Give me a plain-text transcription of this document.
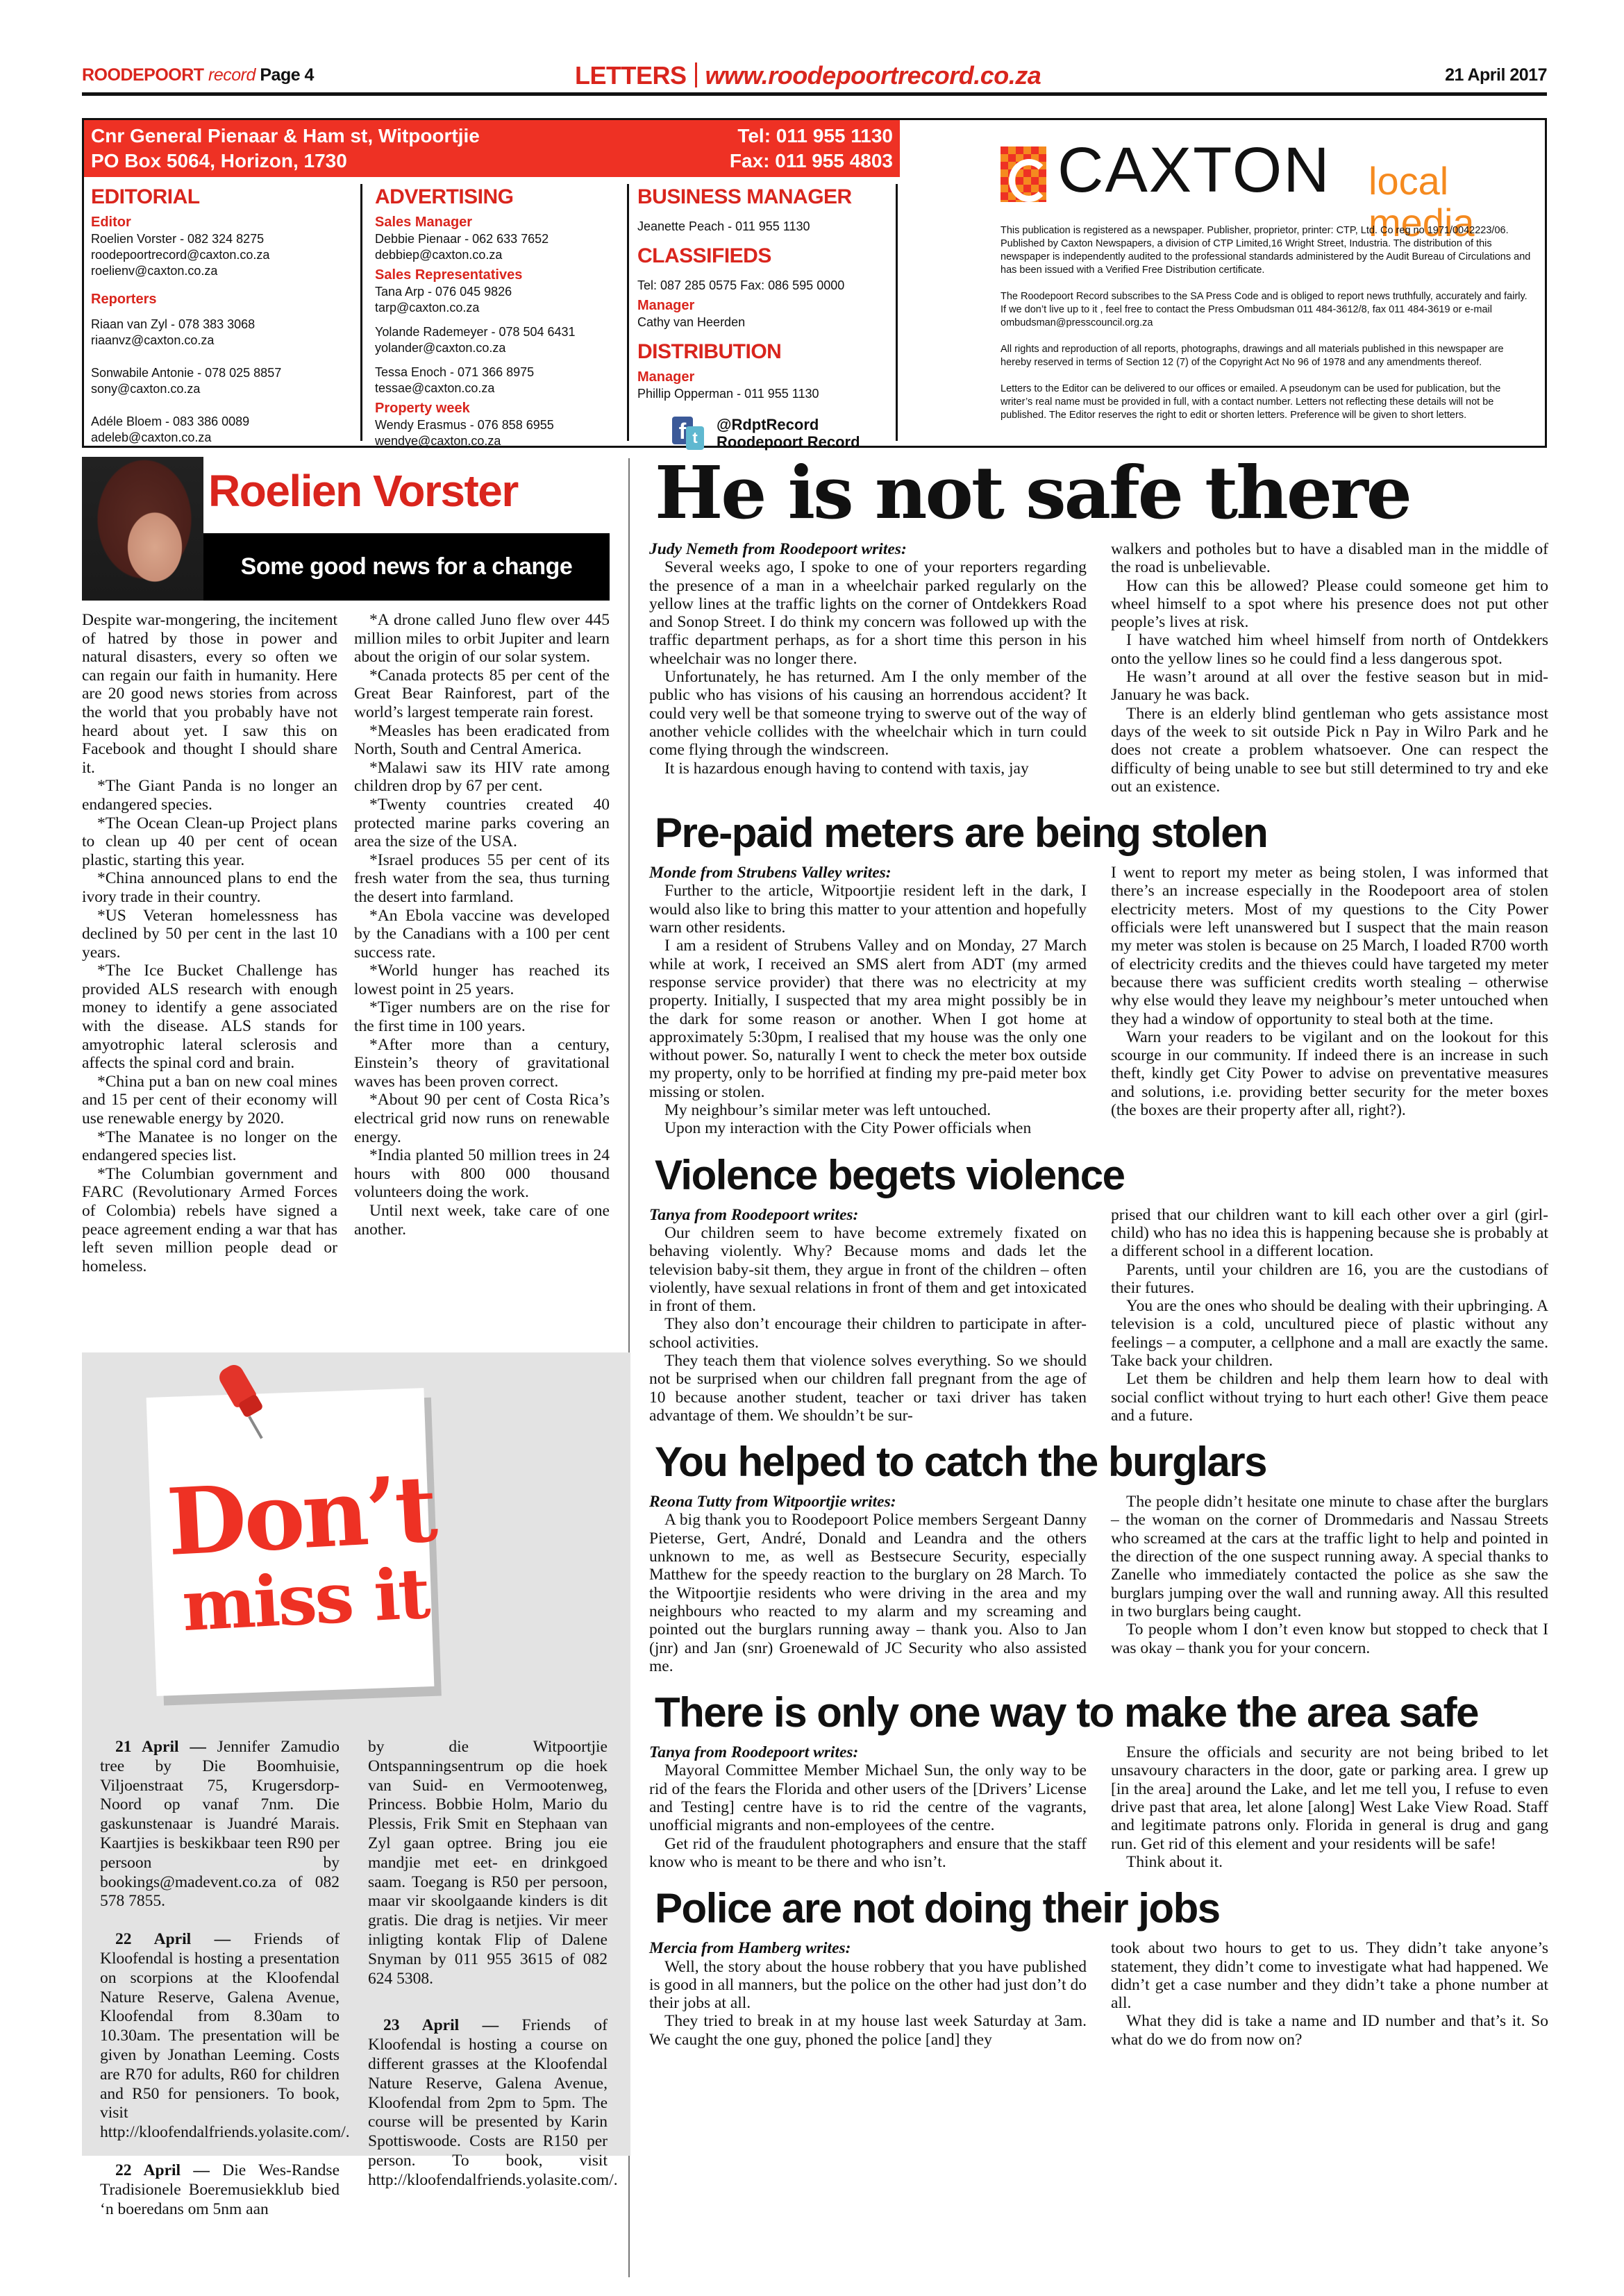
ROODEPOORT record Page 4	LETTERS www.roodepoortrecord.co.za	21 April 2017
Cnr General Pienaar & Ham st, Witpoortjie
PO Box 5064, Horizon, 1730
Tel: 011 955 1130
Fax: 011 955 4803
EDITORIAL
Editor
Roelien Vorster - 082 324 8275
roodepoortrecord@caxton.co.za
roelienv@caxton.co.za
Reporters
Riaan van Zyl - 078 383 3068
riaanvz@caxton.co.za
Sonwabile Antonie - 078 025 8857
sony@caxton.co.za
Adéle Bloem - 083 386 0089
adeleb@caxton.co.za
ADVERTISING
Sales Manager
Debbie Pienaar - 062 633 7652
debbiep@caxton.co.za
Sales Representatives
Tana Arp - 076 045 9826
tarp@caxton.co.za
Yolande Rademeyer - 078 504 6431
yolander@caxton.co.za
Tessa Enoch - 071 366 8975
tessae@caxton.co.za
Property week
Wendy Erasmus - 076 858 6955
wendye@caxton.co.za
BUSINESS MANAGER
Jeanette Peach - 011 955 1130
CLASSIFIEDS
Tel: 087 285 0575 Fax: 086 595 0000
Manager
Cathy van Heerden
DISTRIBUTION
Manager
Phillip Opperman - 011 955 1130
f t
@RdptRecord
Roodepoort Record
CAXTON local media

This publication is registered as a newspaper. Publisher, proprietor, printer: CTP, Ltd. Co reg no 1971/0042223/06. Published by Caxton Newspapers, a division of CTP Limited,16 Wright Street, Industria. The distribution of this newspaper is independently audited to the professional standards administered by the Audit Bureau of Circulations and has been issued with a Verified Free Distribution certificate.

The Roodepoort Record subscribes to the SA Press Code and is obliged to report news truthfully, accurately and fairly. If we don’t live up to it , feel free to contact the Press Ombudsman 011 484-3612/8, fax 011 484-3619 or e-mail ombudsman@presscouncil.org.za

All rights and reproduction of all reports, photographs, drawings and all materials published in this newspaper are hereby reserved in terms of Section 12 (7) of the Copyright Act No 96 of 1978 and any amendments thereof.

Letters to the Editor can be delivered to our offices or emailed. A pseudonym can be used for publication, but the writer’s real name must be provided in full, with a contact number. Letters not reflecting these details will not be published. The Editor reserves the right to edit or shorten letters. Preference will be given to short letters.

Roelien Vorster
Some good news for a change

Despite war-mongering, the incitement of hatred by those in power and natural disasters, every so often we can regain our faith in humanity. Here are 20 good news stories from across the world that you probably have not heard about yet. I saw this on Facebook and thought I should share it.

*The Giant Panda is no longer an endangered species.

*The Ocean Clean-up Project plans to clean up 40 per cent of ocean plastic, starting this year.

*China announced plans to end the ivory trade in their country.

*US Veteran homelessness has declined by 50 per cent in the last 10 years.

*The Ice Bucket Challenge has provided ALS research with enough money to identify a gene associated with the disease. ALS stands for amyotrophic lateral sclerosis and affects the spinal cord and brain.

*China put a ban on new coal mines and 15 per cent of their economy will use renewable energy by 2020.

*The Manatee is no longer on the endangered species list.

*The Columbian government and FARC (Revolutionary Armed Forces of Colombia) rebels have signed a peace agreement ending a war that has left seven million people dead or homeless.

*A drone called Juno flew over 445 million miles to orbit Jupiter and learn about the origin of our solar system.

*Canada protects 85 per cent of the Great Bear Rainforest, part of the world’s largest temperate rain forest.

*Measles has been eradicated from North, South and Central America.

*Malawi saw its HIV rate among children drop by 67 per cent.

*Twenty countries created 40 protected marine parks covering an area the size of the USA.

*Israel produces 55 per cent of its fresh water from the sea, thus turning the desert into farmland.

*An Ebola vaccine was developed by the Canadians with a 100 per cent success rate.

*World hunger has reached its lowest point in 25 years.

*Tiger numbers are on the rise for the first time in 100 years.

*After more than a century, Einstein’s theory of gravitational waves has been proven correct.

*About 90 per cent of Costa Rica’s electrical grid now runs on renewable energy.

*India planted 50 million trees in 24 hours with 800 000 thousand volunteers doing the work.

Until next week, take care of one another.

Don’t
miss it

21 April — Jennifer Zamudio tree by Die Boomhuisie, Viljoenstraat 75, Krugersdorp-Noord op vanaf 7nm. Die gaskunstenaar is Juandré Marais. Kaartjies is beskikbaar teen R90 per persoon by bookings@madevent.co.za of 082 578 7855.

22 April — Friends of Kloofendal is hosting a presentation on scorpions at the Kloofendal Nature Reserve, Galena Avenue, Kloofendal from 8.30am to 10.30am. The presentation will be given by Jonathan Leeming. Costs are R70 for adults, R60 for children and R50 for pensioners. To book, visit http://kloofendalfriends.yolasite.com/.

22 April — Die Wes-Randse Tradisionele Boeremusiekklub bied ‘n boeredans om 5nm aan

by die Witpoortjie Ontspanningsentrum op die hoek van Suid- en Vermootenweg, Princess. Bobbie Holm, Mario du Plessis, Frik Smit en Stephaan van Zyl gaan optree. Bring jou eie mandjie met eet- en drinkgoed saam. Toegang is R50 per persoon, maar vir skoolgaande kinders is dit gratis. Die drag is netjies. Vir meer inligting kontak Flip of Dalene Snyman by 011 955 3615 of 082 624 5308.

23 April — Friends of Kloofendal is hosting a course on different grasses at the Kloofendal Nature Reserve, Galena Avenue, Kloofendal from 2pm to 5pm. The course will be presented by Karin Spottiswoode. Costs are R150 per person. To book, visit http://kloofendalfriends.yolasite.com/.

He is not safe there

Judy Nemeth from Roodepoort writes:

Several weeks ago, I spoke to one of your reporters regarding the presence of a man in a wheelchair parked regularly on the yellow lines at the traffic lights on the corner of Ontdekkers Road and Sonop Street. I do think my concern was followed up with the traffic department perhaps, as for a short time this person in his wheelchair was no longer there.

Unfortunately, he has returned. Am I the only member of the public who has visions of his causing an horrendous accident? It could very well be that someone trying to swerve out of the way of another vehicle collides with the wheelchair which in turn could come flying through the windscreen.

It is hazardous enough having to contend with taxis, jay

walkers and potholes but to have a disabled man in the middle of the road is unbelievable.

How can this be allowed? Please could someone get him to wheel himself to a spot where his presence does not put other people’s lives at risk.

I have watched him wheel himself from north of Ontdekkers onto the yellow lines so he could find a less dangerous spot.

He wasn’t around at all over the festive season but in mid-January he was back.

There is an elderly blind gentleman who gets assistance most days of the week to sit outside Pick n Pay in Wilro Park and he does not create a problem whatsoever. One can respect the difficulty of being unable to see but still determined to try and eke out an existence.

Pre-paid meters are being stolen

Monde from Strubens Valley writes:

Further to the article, Witpoortjie resident left in the dark, I would also like to bring this matter to your attention and hopefully warn other residents.

I am a resident of Strubens Valley and on Monday, 27 March while at work, I received an SMS alert from ADT (my armed response service provider) that there was no electricity at my property. Initially, I suspected that my area might possibly be in the dark for some reason or another. When I got home at approximately 5:30pm, I realised that my house was the only one without power. So, naturally I went to check the meter box outside my property, only to be horrified at finding my pre-paid meter box missing or stolen.

My neighbour’s similar meter was left untouched.

Upon my interaction with the City Power officials when

I went to report my meter as being stolen, I was informed that there’s an increase especially in the Roodepoort area of stolen electricity meters. Most of my questions to the City Power officials were left unanswered but I suspect that the main reason my meter was stolen is because on 25 March, I loaded R700 worth of electricity credits and the thieves could have targeted my meter because there was sufficient credits worth stealing – otherwise why else would they leave my neighbour’s meter untouched when they had a window of opportunity to steal both at the time.

Warn your readers to be vigilant and on the lookout for this scourge in our community. If indeed there is an increase in such theft, kindly get City Power to advise on preventative measures and solutions, i.e. providing better security for the meter boxes (the boxes are their property after all, right?).

Violence begets violence

Tanya from Roodepoort writes:

Our children seem to have become extremely fixated on behaving violently. Why? Because moms and dads let the television baby-sit them, they argue in front of the children – often violently, have sexual relations in front of them and get intoxicated in front of them.

They also don’t encourage their children to participate in after-school activities.

They teach them that violence solves everything. So we should not be surprised when our children fall pregnant from the age of 10 because another student, teacher or taxi driver has taken advantage of them. We shouldn’t be sur-

prised that our children want to kill each other over a girl (girl-child) who has no idea this is happening because she is probably at a different school in a different location.

Parents, until your children are 16, you are the custodians of their futures.

You are the ones who should be dealing with their upbringing. A television is a cold, uncultured piece of plastic without any feelings – a computer, a cellphone and a mall are exactly the same. Take back your children.

Let them be children and help them learn how to deal with social conflict without trying to hurt each other! Give them peace and a future.

You helped to catch the burglars

Reona Tutty from Witpoortjie writes:

A big thank you to Roodepoort Police members Sergeant Danny Pieterse, Gert, André, Donald and Leandra and the others unknown to me, as well as Bestsecure Security, especially Matthew for the speedy reaction to the burglary on 28 March. To the Witpoortjie residents who were driving in the area and my neighbours who reacted to my alarm and my screaming and pointed out the burglars running away – thank you. Also to Jan (jnr) and Jan (snr) Groenewald of JC Security who also assisted me.

The people didn’t hesitate one minute to chase after the burglars – the woman on the corner of Drommedaris and Nassau Streets who screamed at the cars at the traffic light to help and pointed in the direction of the one suspect running away. A special thanks to Zanelle who immediately contacted the police as she saw the burglars jumping over the wall and running away. All this resulted in two burglars being caught.

To people whom I don’t even know but stopped to check that I was okay – thank you for your concern.

There is only one way to make the area safe

Tanya from Roodepoort writes:

Mayoral Committee Member Michael Sun, the only way to be rid of the fears the Florida and other users of the [Drivers’ License and Testing] centre have is to rid the centre of the vagrants, unofficial migrants and non-employees of the centre.

Get rid of the fraudulent photographers and ensure that the staff know who is meant to be there and who isn’t.

Ensure the officials and security are not being bribed to let unsavoury characters in the door, gate or parking area. I grew up [in the area] around the Lake, and let me tell you, I refuse to even drive past that area, let alone [along] West Lake View Road. Staff and legitimate patrons only. Florida in general is drug and gang run. Get rid of this element and your residents will be safe!

Think about it.

Police are not doing their jobs

Mercia from Hamberg writes:

Well, the story about the house robbery that you have published is good in all manners, but the police on the other had just don’t do their jobs at all.

They tried to break in at my house last week Saturday at 3am. We caught the one guy, phoned the police [and] they

took about two hours to get to us. They didn’t take anyone’s statement, they didn’t come to investigate what had happened. We didn’t get a case number and they didn’t take a phone number at all.

What they did is take a name and ID number and that’s it. So what do we do from now on?
